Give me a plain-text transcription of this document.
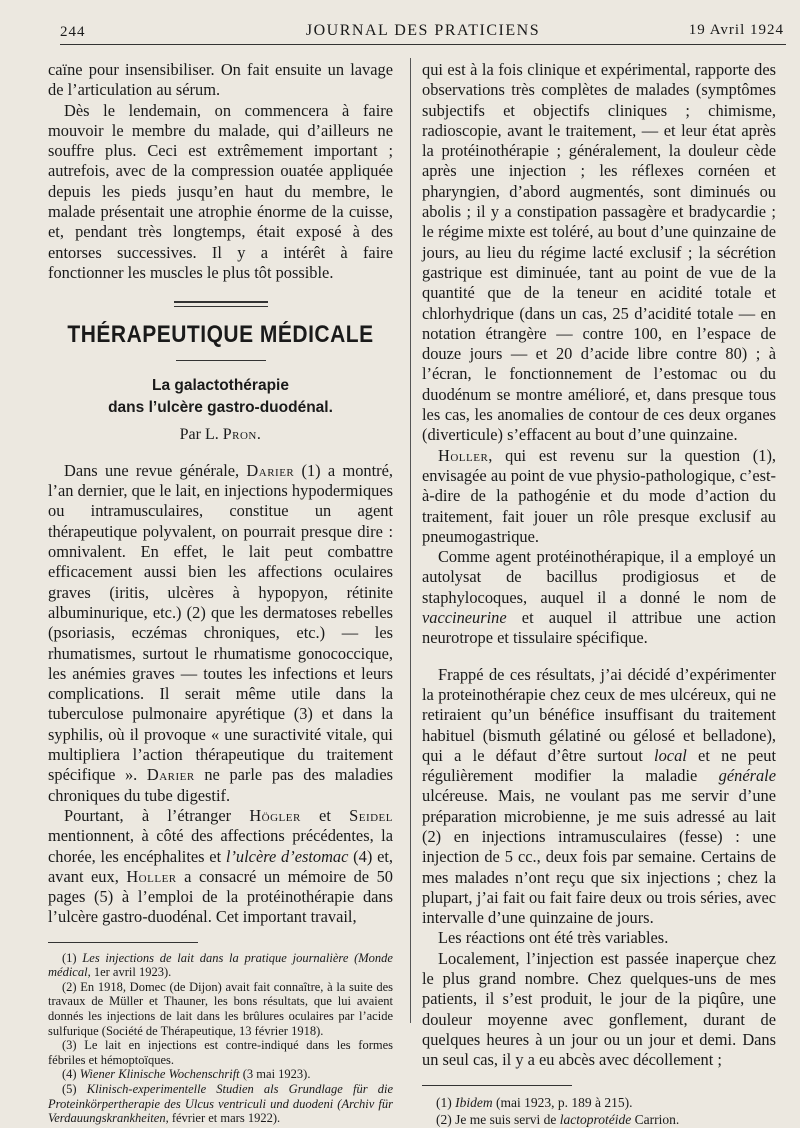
244	JOURNAL DES PRATICIENS	19 Avril 1924

caïne pour insensibiliser. On fait ensuite un lavage de l’articulation au sérum.

Dès le lendemain, on commencera à faire mouvoir le membre du malade, qui d’ailleurs ne souffre plus. Ceci est extrêmement important ; autrefois, avec de la compression ouatée appliquée depuis les pieds jusqu’en haut du membre, le malade présentait une atrophie énorme de la cuisse, et, pendant très longtemps, était exposé à des entorses successives. Il y a intérêt à faire fonctionner les muscles le plus tôt possible.

THÉRAPEUTIQUE MÉDICALE
La galactothérapie
dans l’ulcère gastro-duodénal.
Par L. Pron.

Dans une revue générale, Darier (1) a montré, l’an dernier, que le lait, en injections hypodermiques ou intramusculaires, constitue un agent thérapeutique polyvalent, on pourrait presque dire : omnivalent. En effet, le lait peut combattre efficacement aussi bien les affections oculaires graves (iritis, ulcères à hypopyon, rétinite albuminurique, etc.) (2) que les dermatoses rebelles (psoriasis, eczémas chroniques, etc.) — les rhumatismes, surtout le rhumatisme gonococcique, les anémies graves — toutes les infections et leurs complications. Il serait même utile dans la tuberculose pulmonaire apyrétique (3) et dans la syphilis, où il provoque « une suractivité vitale, qui multipliera l’action thérapeutique du traitement spécifique ». Darier ne parle pas des maladies chroniques du tube digestif.

Pourtant, à l’étranger Högler et Seidel mentionnent, à côté des affections précédentes, la chorée, les encéphalites et l’ulcère d’estomac (4) et, avant eux, Holler a consacré un mémoire de 50 pages (5) à l’emploi de la protéinothérapie dans l’ulcère gastro-duodénal. Cet important travail,

(1) Les injections de lait dans la pratique journalière (Monde médical, 1er avril 1923).

(2) En 1918, Domec (de Dijon) avait fait connaître, à la suite des travaux de Müller et Thauner, les bons résultats, que lui avaient donnés les injections de lait dans les brûlures oculaires par l’acide sulfurique (Société de Thérapeutique, 13 février 1918).

(3) Le lait en injections est contre-indiqué dans les formes fébriles et hémoptoïques.

(4) Wiener Klinische Wochenschrift (3 mai 1923).

(5) Klinisch-experimentelle Studien als Grundlage für die Proteinkörpertherapie des Ulcus ventriculi und duodeni (Archiv für Verdauungskrankheiten, février et mars 1922).

qui est à la fois clinique et expérimental, rapporte des observations très complètes de malades (symptômes subjectifs et objectifs cliniques ; chimisme, radioscopie, avant le traitement, — et leur état après la protéinothérapie ; généralement, la douleur cède après une injection ; les réflexes cornéen et pharyngien, d’abord augmentés, sont diminués ou abolis ; il y a constipation passagère et bradycardie ; le régime mixte est toléré, au bout d’une quinzaine de jours, au lieu du régime lacté exclusif ; la sécrétion gastrique est diminuée, tant au point de vue de la quantité que de la teneur en acidité totale et chlorhydrique (dans un cas, 25 d’acidité totale — en notation étrangère — contre 100, en l’espace de douze jours — et 20 d’acide libre contre 80) ; à l’écran, le fonctionnement de l’estomac ou du duodénum se montre amélioré, et, dans presque tous les cas, les anomalies de contour de ces deux organes (diverticule) s’effacent au bout d’une quinzaine.

Holler, qui est revenu sur la question (1), envisagée au point de vue physio-pathologique, c’est-à-dire de la pathogénie et du mode d’action du traitement, fait jouer un rôle presque exclusif au pneumogastrique.

Comme agent protéinothérapique, il a employé un autolysat de bacillus prodigiosus et de staphylocoques, auquel il a donné le nom de vaccineurine et auquel il attribue une action neurotrope et tissulaire spécifique.

Frappé de ces résultats, j’ai décidé d’expérimenter la proteinothérapie chez ceux de mes ulcéreux, qui ne retiraient qu’un bénéfice insuffisant du traitement habituel (bismuth gélatiné ou gélosé et belladone), qui a le défaut d’être surtout local et ne peut régulièrement modifier la maladie générale ulcéreuse. Mais, ne voulant pas me servir d’une préparation microbienne, je me suis adressé au lait (2) en injections intramusculaires (fesse) : une injection de 5 cc., deux fois par semaine. Certains de mes malades n’ont reçu que six injections ; chez la plupart, j’ai fait ou fait faire deux ou trois séries, avec intervalle d’une quinzaine de jours.

Les réactions ont été très variables.

Localement, l’injection est passée inaperçue chez le plus grand nombre. Chez quelques-uns de mes patients, il s’est produit, le jour de la piqûre, une douleur moyenne avec gonflement, durant de quelques heures à un jour ou un jour et demi. Dans un seul cas, il y a eu abcès avec décollement ;

(1) Ibidem (mai 1923, p. 189 à 215).

(2) Je me suis servi de lactoprotéide Carrion.
